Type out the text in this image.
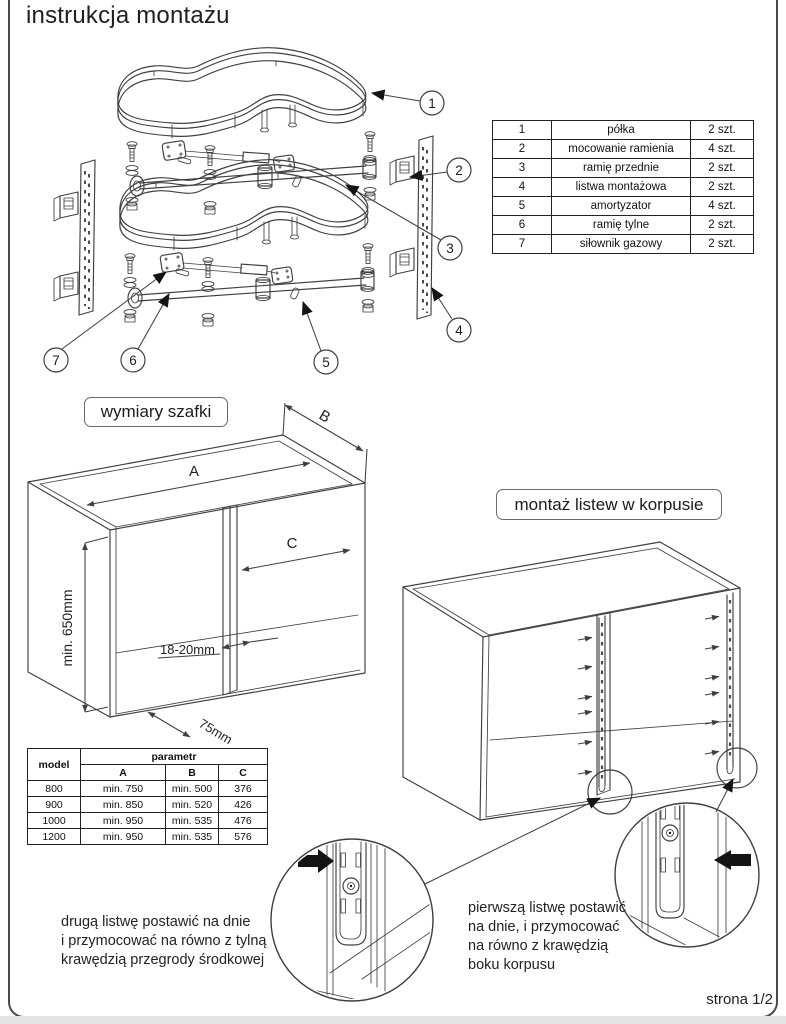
instrukcja montażu
1
2
3
4
5
6
7
1	półka	2 szt.
2	mocowanie ramienia	4 szt.
3	ramię przednie	2 szt.
4	listwa montażowa	2 szt.
5	amortyzator	4 szt.
6	ramię tylne	2 szt.
7	siłownik gazowy	2 szt.
wymiary szafki
montaż listew w korpusie
A
B
C
min. 650mm	18-20mm
75mm
model	parametr		
	A	B	C
800	min. 750	min. 500	376
900	min. 850	min. 520	426
1000	min. 950	min. 535	476
1200	min. 950	min. 535	576
drugą listwę postawić na dnie
i przymocować na równo z tylną
krawędzią przegrody środkowej
pierwszą listwę postawić
na dnie, i przymocować
na równo z krawędzią
boku korpusu
strona 1/2
